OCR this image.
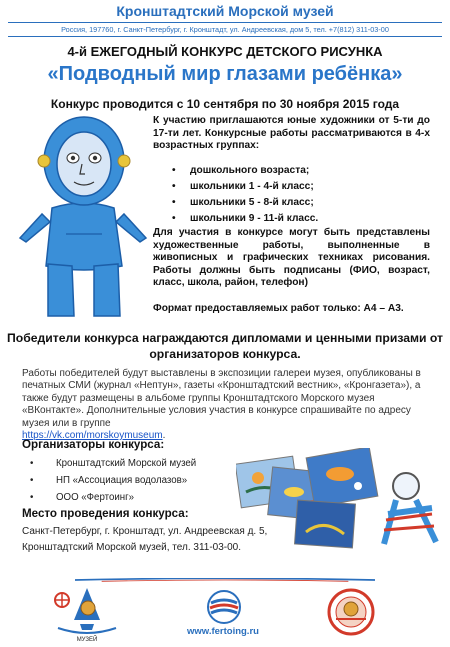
Кронштадтский Морской музей
Россия, 197760, г. Санкт-Петербург, г. Кронштадт, ул. Андреевская, дом 5, тел. +7(812) 311-03-00
4-й ЕЖЕГОДНЫЙ КОНКУРС ДЕТСКОГО РИСУНКА
«Подводный мир глазами ребёнка»
Конкурс проводится с 10 сентября по 30 ноября 2015 года
К участию приглашаются юные художники от 5-ти до 17-ти лет. Конкурсные работы рассматриваются в 4-х возрастных группах:
• дошкольного возраста;
• школьники 1 - 4-й класс;
• школьники 5 - 8-й класс;
• школьники 9 - 11-й класс.
Для участия в конкурсе могут быть представлены художественные работы, выполненные в живописных и графических техниках рисования. Работы должны быть подписаны (ФИО, возраст, класс, школа, район, телефон)
Формат предоставляемых работ только: А4 – А3.
Победители конкурса награждаются дипломами и ценными призами от организаторов конкурса.
Работы победителей будут выставлены в экспозиции галереи музея, опубликованы в печатных СМИ (журнал «Нептун», газеты «Кронштадтский вестник», «Кронгазета»), а также будут размещены в альбоме группы Кронштадтского Морского музея «ВКонтакте». Дополнительные условия участия в конкурсе спрашивайте по адресу музея или в группе
https://vk.com/morskoymuseum.
Организаторы конкурса:
• Кронштадтский Морской музей
• НП «Ассоциация водолазов»
• ООО «Фертоинг»
Место проведения конкурса:
Санкт-Петербург, г. Кронштадт, ул. Андреевская д. 5,
Кронштадтский Морской музей, тел. 311-03-00.
МУЗЕЙ
www.fertoing.ru
